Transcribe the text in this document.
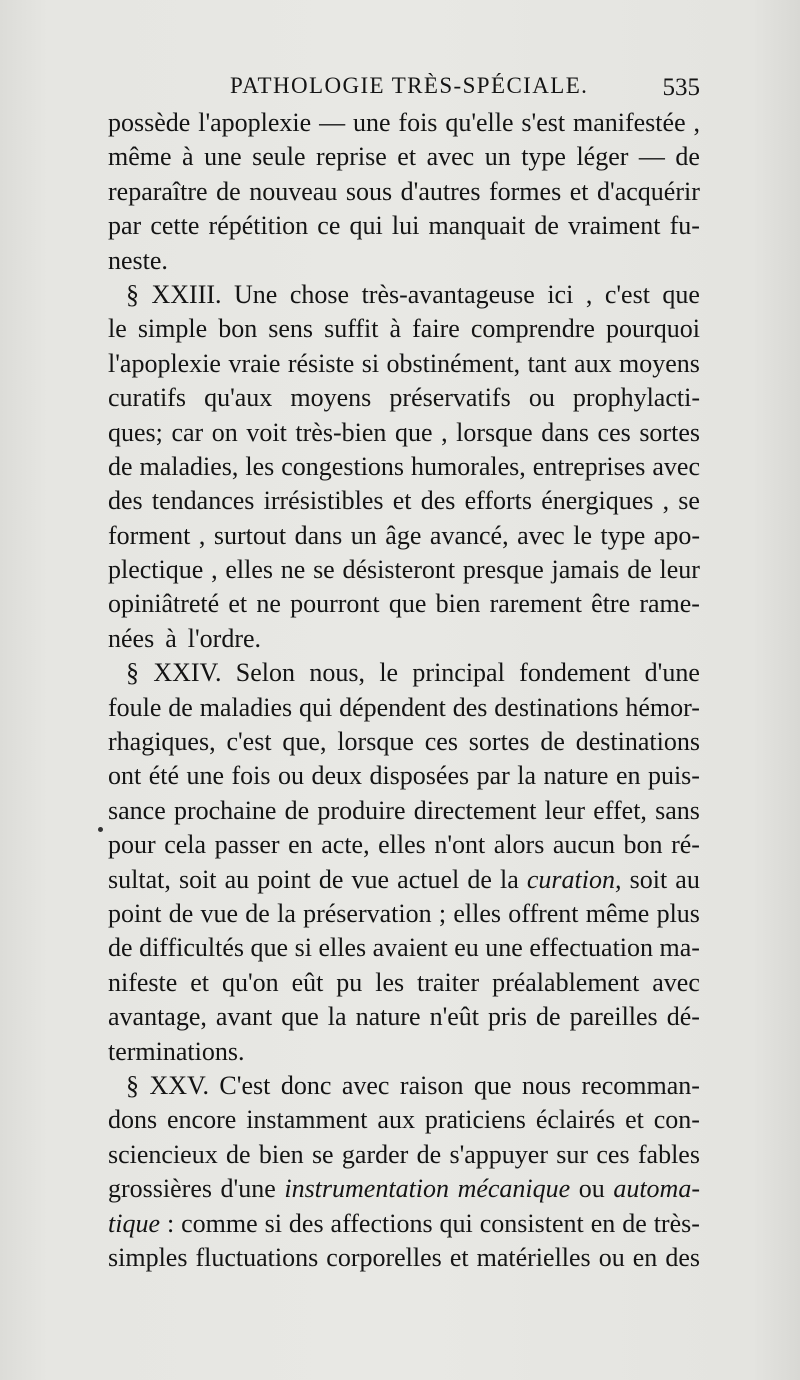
PATHOLOGIE TRÈS-SPÉCIALE.	535
possède l'apoplexie — une fois qu'elle s'est manifestée ,
même à une seule reprise et avec un type léger — de
reparaître de nouveau sous d'autres formes et d'acquérir
par cette répétition ce qui lui manquait de vraiment fu-
neste.
§ XXIII. Une chose très-avantageuse ici , c'est que
le simple bon sens suffit à faire comprendre pourquoi
l'apoplexie vraie résiste si obstinément, tant aux moyens
curatifs qu'aux moyens préservatifs ou prophylacti-
ques; car on voit très-bien que , lorsque dans ces sortes
de maladies, les congestions humorales, entreprises avec
des tendances irrésistibles et des efforts énergiques , se
forment , surtout dans un âge avancé, avec le type apo-
plectique , elles ne se désisteront presque jamais de leur
opiniâtreté et ne pourront que bien rarement être rame-
nées à l'ordre.
§ XXIV. Selon nous, le principal fondement d'une
foule de maladies qui dépendent des destinations hémor-
rhagiques, c'est que, lorsque ces sortes de destinations
ont été une fois ou deux disposées par la nature en puis-
sance prochaine de produire directement leur effet, sans
pour cela passer en acte, elles n'ont alors aucun bon ré-
sultat, soit au point de vue actuel de la curation, soit au
point de vue de la préservation ; elles offrent même plus
de difficultés que si elles avaient eu une effectuation ma-
nifeste et qu'on eût pu les traiter préalablement avec
avantage, avant que la nature n'eût pris de pareilles dé-
terminations.
§ XXV. C'est donc avec raison que nous recomman-
dons encore instamment aux praticiens éclairés et con-
sciencieux de bien se garder de s'appuyer sur ces fables
grossières d'une instrumentation mécanique ou automa-
tique : comme si des affections qui consistent en de très-
simples fluctuations corporelles et matérielles ou en des
